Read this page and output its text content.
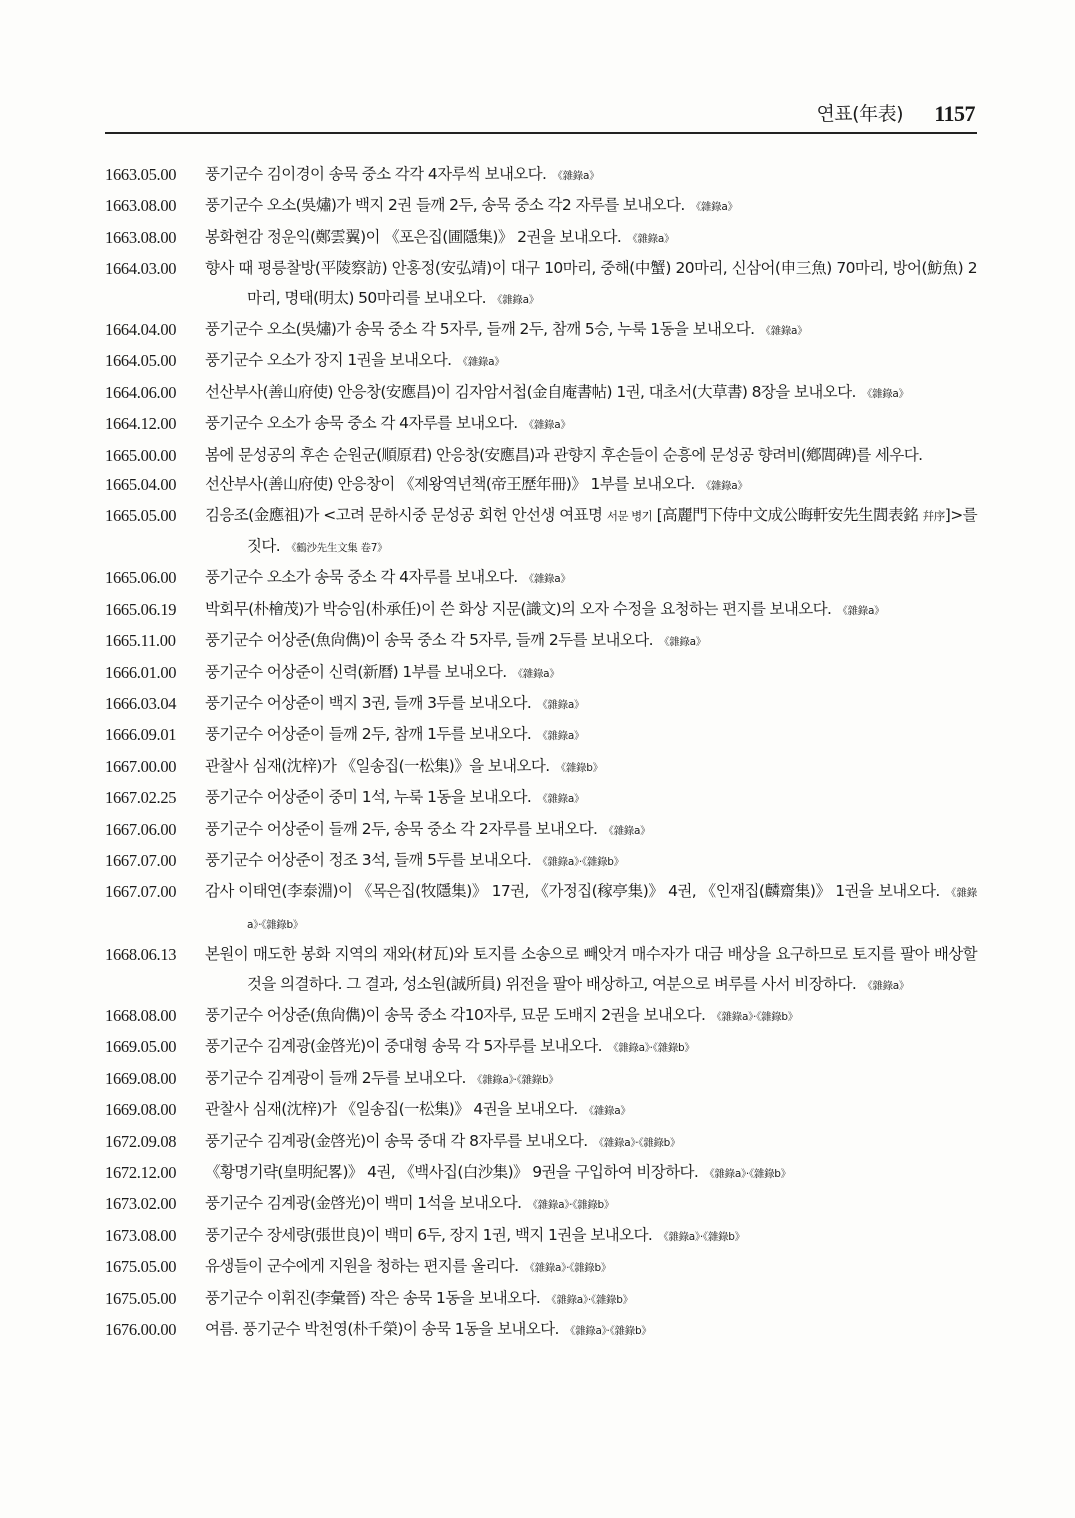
연표(年表) 1157
1663.05.00	풍기군수 김이경이 송묵 중소 각각 4자루씩 보내오다. 《雜錄a》
1663.08.00	풍기군수 오소(吳熽)가 백지 2권 들깨 2두, 송묵 중소 각2 자루를 보내오다. 《雜錄a》
1663.08.00	봉화현감 정운익(鄭雲翼)이 《포은집(圃隱集)》 2권을 보내오다. 《雜錄a》
1664.03.00	향사 때 평릉찰방(平陵察訪) 안홍정(安弘靖)이 대구 10마리, 중해(中蟹) 20마리, 신삼어(申三魚) 70마리, 방어(魴魚) 2마리, 명태(明太) 50마리를 보내오다. 《雜錄a》
1664.04.00	풍기군수 오소(吳熽)가 송묵 중소 각 5자루, 들깨 2두, 참깨 5승, 누룩 1동을 보내오다. 《雜錄a》
1664.05.00	풍기군수 오소가 장지 1권을 보내오다. 《雜錄a》
1664.06.00	선산부사(善山府使) 안응창(安應昌)이 김자암서첩(金自庵書帖) 1권, 대초서(大草書) 8장을 보내오다. 《雜錄a》
1664.12.00	풍기군수 오소가 송묵 중소 각 4자루를 보내오다. 《雜錄a》
1665.00.00	봄에 문성공의 후손 순원군(順原君) 안응창(安應昌)과 관향지 후손들이 순흥에 문성공 향려비(鄕閭碑)를 세우다.
1665.04.00	선산부사(善山府使) 안응창이 《제왕역년책(帝王歷年冊)》 1부를 보내오다. 《雜錄a》
1665.05.00	김응조(金應祖)가 <고려 문하시중 문성공 회헌 안선생 여표명 서문 병기 [高麗門下侍中文成公晦軒安先生閭表銘 幷序]>를 짓다. 《鶴沙先生文集 卷7》
1665.06.00	풍기군수 오소가 송묵 중소 각 4자루를 보내오다. 《雜錄a》
1665.06.19	박회무(朴檜茂)가 박승임(朴承任)이 쓴 화상 지문(識文)의 오자 수정을 요청하는 편지를 보내오다. 《雜錄a》
1665.11.00	풍기군수 어상준(魚尙儁)이 송묵 중소 각 5자루, 들깨 2두를 보내오다. 《雜錄a》
1666.01.00	풍기군수 어상준이 신력(新曆) 1부를 보내오다. 《雜錄a》
1666.03.04	풍기군수 어상준이 백지 3권, 들깨 3두를 보내오다. 《雜錄a》
1666.09.01	풍기군수 어상준이 들깨 2두, 참깨 1두를 보내오다. 《雜錄a》
1667.00.00	관찰사 심재(沈梓)가 《일송집(一松集)》을 보내오다. 《雜錄b》
1667.02.25	풍기군수 어상준이 중미 1석, 누룩 1동을 보내오다. 《雜錄a》
1667.06.00	풍기군수 어상준이 들깨 2두, 송묵 중소 각 2자루를 보내오다. 《雜錄a》
1667.07.00	풍기군수 어상준이 정조 3석, 들깨 5두를 보내오다. 《雜錄a》·《雜錄b》
1667.07.00	감사 이태연(李泰淵)이 《목은집(牧隱集)》 17권, 《가정집(稼亭集)》 4권, 《인재집(麟齋集)》 1권을 보내오다. 《雜錄a》·《雜錄b》
1668.06.13	본원이 매도한 봉화 지역의 재와(材瓦)와 토지를 소송으로 빼앗겨 매수자가 대금 배상을 요구하므로 토지를 팔아 배상할 것을 의결하다. 그 결과, 성소원(誠所員) 위전을 팔아 배상하고, 여분으로 벼루를 사서 비장하다. 《雜錄a》
1668.08.00	풍기군수 어상준(魚尙儁)이 송묵 중소 각10자루, 묘문 도배지 2권을 보내오다. 《雜錄a》·《雜錄b》
1669.05.00	풍기군수 김계광(金啓光)이 중대형 송묵 각 5자루를 보내오다. 《雜錄a》·《雜錄b》
1669.08.00	풍기군수 김계광이 들깨 2두를 보내오다. 《雜錄a》·《雜錄b》
1669.08.00	관찰사 심재(沈梓)가 《일송집(一松集)》 4권을 보내오다. 《雜錄a》
1672.09.08	풍기군수 김계광(金啓光)이 송묵 중대 각 8자루를 보내오다. 《雜錄a》·《雜錄b》
1672.12.00	《황명기략(皇明紀畧)》 4권, 《백사집(白沙集)》 9권을 구입하여 비장하다. 《雜錄a》·《雜錄b》
1673.02.00	풍기군수 김계광(金啓光)이 백미 1석을 보내오다. 《雜錄a》·《雜錄b》
1673.08.00	풍기군수 장세량(張世良)이 백미 6두, 장지 1권, 백지 1권을 보내오다. 《雜錄a》·《雜錄b》
1675.05.00	유생들이 군수에게 지원을 청하는 편지를 올리다. 《雜錄a》·《雜錄b》
1675.05.00	풍기군수 이휘진(李彙晉) 작은 송묵 1동을 보내오다. 《雜錄a》·《雜錄b》
1676.00.00	여름. 풍기군수 박천영(朴千榮)이 송묵 1동을 보내오다. 《雜錄a》·《雜錄b》
